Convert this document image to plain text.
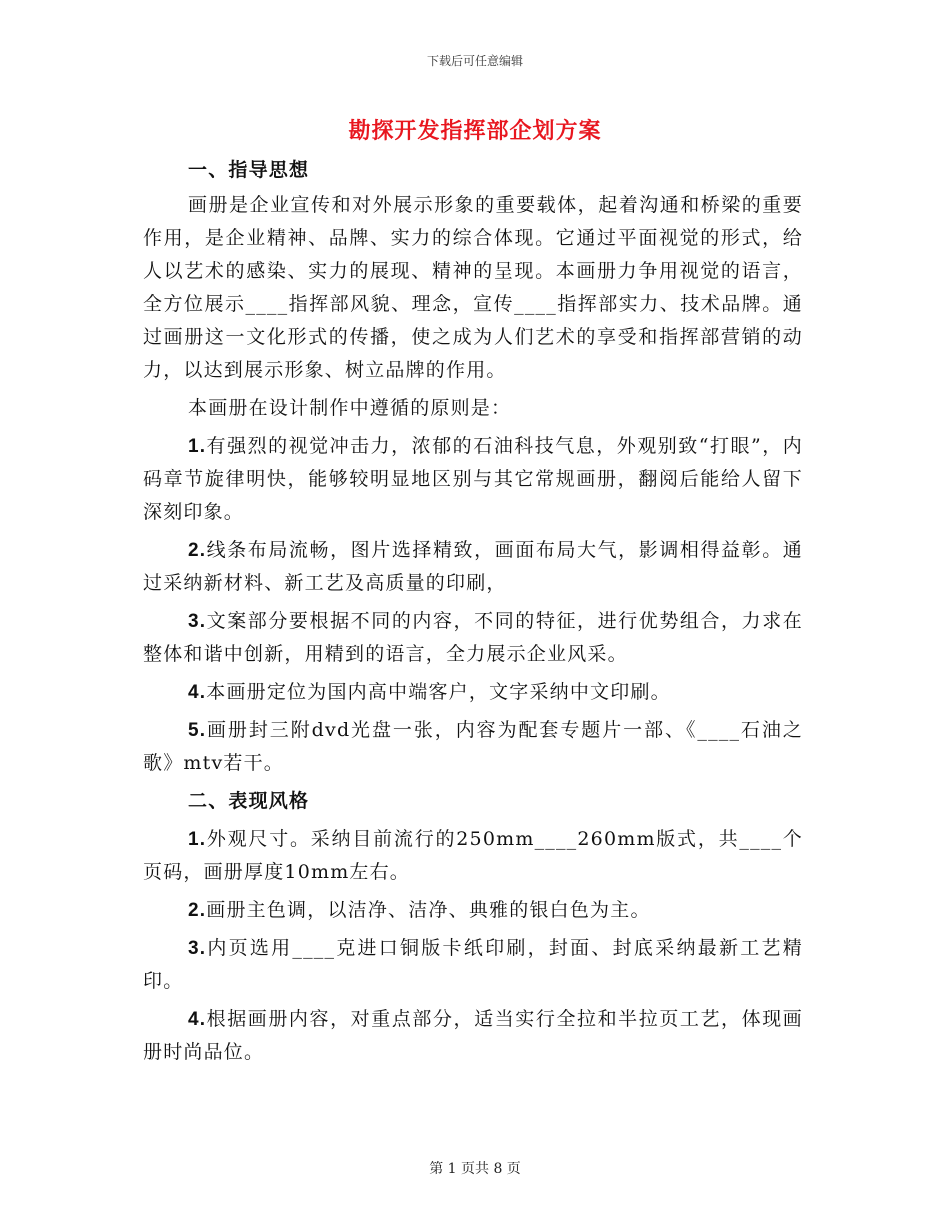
下载后可任意编辑
勘探开发指挥部企划方案

一、指导思想

画册是企业宣传和对外展示形象的重要载体，起着沟通和桥梁的重要作用，是企业精神、品牌、实力的综合体现。它通过平面视觉的形式，给人以艺术的感染、实力的展现、精神的呈现。本画册力争用视觉的语言，全方位展示____指挥部风貌、理念，宣传____指挥部实力、技术品牌。通过画册这一文化形式的传播，使之成为人们艺术的享受和指挥部营销的动力，以达到展示形象、树立品牌的作用。

本画册在设计制作中遵循的原则是：

1.有强烈的视觉冲击力，浓郁的石油科技气息，外观别致“打眼”，内码章节旋律明快，能够较明显地区别与其它常规画册，翻阅后能给人留下深刻印象。

2.线条布局流畅，图片选择精致，画面布局大气，影调相得益彰。通过采纳新材料、新工艺及高质量的印刷，

3.文案部分要根据不同的内容，不同的特征，进行优势组合，力求在整体和谐中创新，用精到的语言，全力展示企业风采。

4.本画册定位为国内高中端客户，文字采纳中文印刷。

5.画册封三附dvd光盘一张，内容为配套专题片一部、《____石油之歌》mtv若干。

二、表现风格

1.外观尺寸。采纳目前流行的250mm____260mm版式，共____个页码，画册厚度10mm左右。

2.画册主色调，以洁净、洁净、典雅的银白色为主。

3.内页选用____克进口铜版卡纸印刷，封面、封底采纳最新工艺精印。

4.根据画册内容，对重点部分，适当实行全拉和半拉页工艺，体现画册时尚品位。

第 1 页共 8 页
